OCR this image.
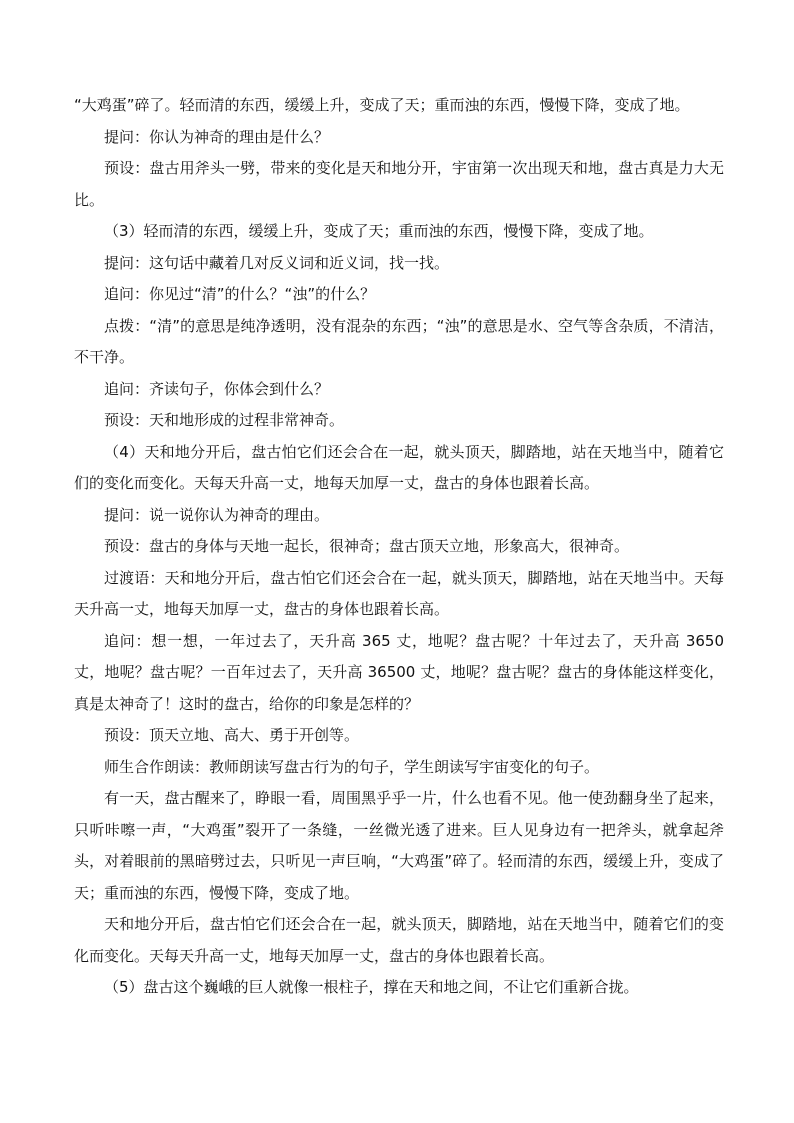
“大鸡蛋”碎了。轻而清的东西，缓缓上升，变成了天；重而浊的东西，慢慢下降，变成了地。

提问：你认为神奇的理由是什么？

预设：盘古用斧头一劈，带来的变化是天和地分开，宇宙第一次出现天和地，盘古真是力大无比。

（3）轻而清的东西，缓缓上升，变成了天；重而浊的东西，慢慢下降，变成了地。

提问：这句话中藏着几对反义词和近义词，找一找。

追问：你见过“清”的什么？“浊”的什么？

点拨：“清”的意思是纯净透明，没有混杂的东西；“浊”的意思是水、空气等含杂质，不清洁，不干净。

追问：齐读句子，你体会到什么？

预设：天和地形成的过程非常神奇。

（4）天和地分开后，盘古怕它们还会合在一起，就头顶天，脚踏地，站在天地当中，随着它们的变化而变化。天每天升高一丈，地每天加厚一丈，盘古的身体也跟着长高。

提问：说一说你认为神奇的理由。

预设：盘古的身体与天地一起长，很神奇；盘古顶天立地，形象高大，很神奇。

过渡语：天和地分开后，盘古怕它们还会合在一起，就头顶天，脚踏地，站在天地当中。天每天升高一丈，地每天加厚一丈，盘古的身体也跟着长高。

追问：想一想，一年过去了，天升高 365 丈，地呢？盘古呢？十年过去了，天升高 3650 丈，地呢？盘古呢？一百年过去了，天升高 36500 丈，地呢？盘古呢？盘古的身体能这样变化，真是太神奇了！这时的盘古，给你的印象是怎样的？

预设：顶天立地、高大、勇于开创等。

师生合作朗读：教师朗读写盘古行为的句子，学生朗读写宇宙变化的句子。

有一天，盘古醒来了，睁眼一看，周围黑乎乎一片，什么也看不见。他一使劲翻身坐了起来，只听咔嚓一声，“大鸡蛋”裂开了一条缝，一丝微光透了进来。巨人见身边有一把斧头，就拿起斧头，对着眼前的黑暗劈过去，只听见一声巨响，“大鸡蛋”碎了。轻而清的东西，缓缓上升，变成了天；重而浊的东西，慢慢下降，变成了地。

天和地分开后，盘古怕它们还会合在一起，就头顶天，脚踏地，站在天地当中，随着它们的变化而变化。天每天升高一丈，地每天加厚一丈，盘古的身体也跟着长高。

（5）盘古这个巍峨的巨人就像一根柱子，撑在天和地之间，不让它们重新合拢。
